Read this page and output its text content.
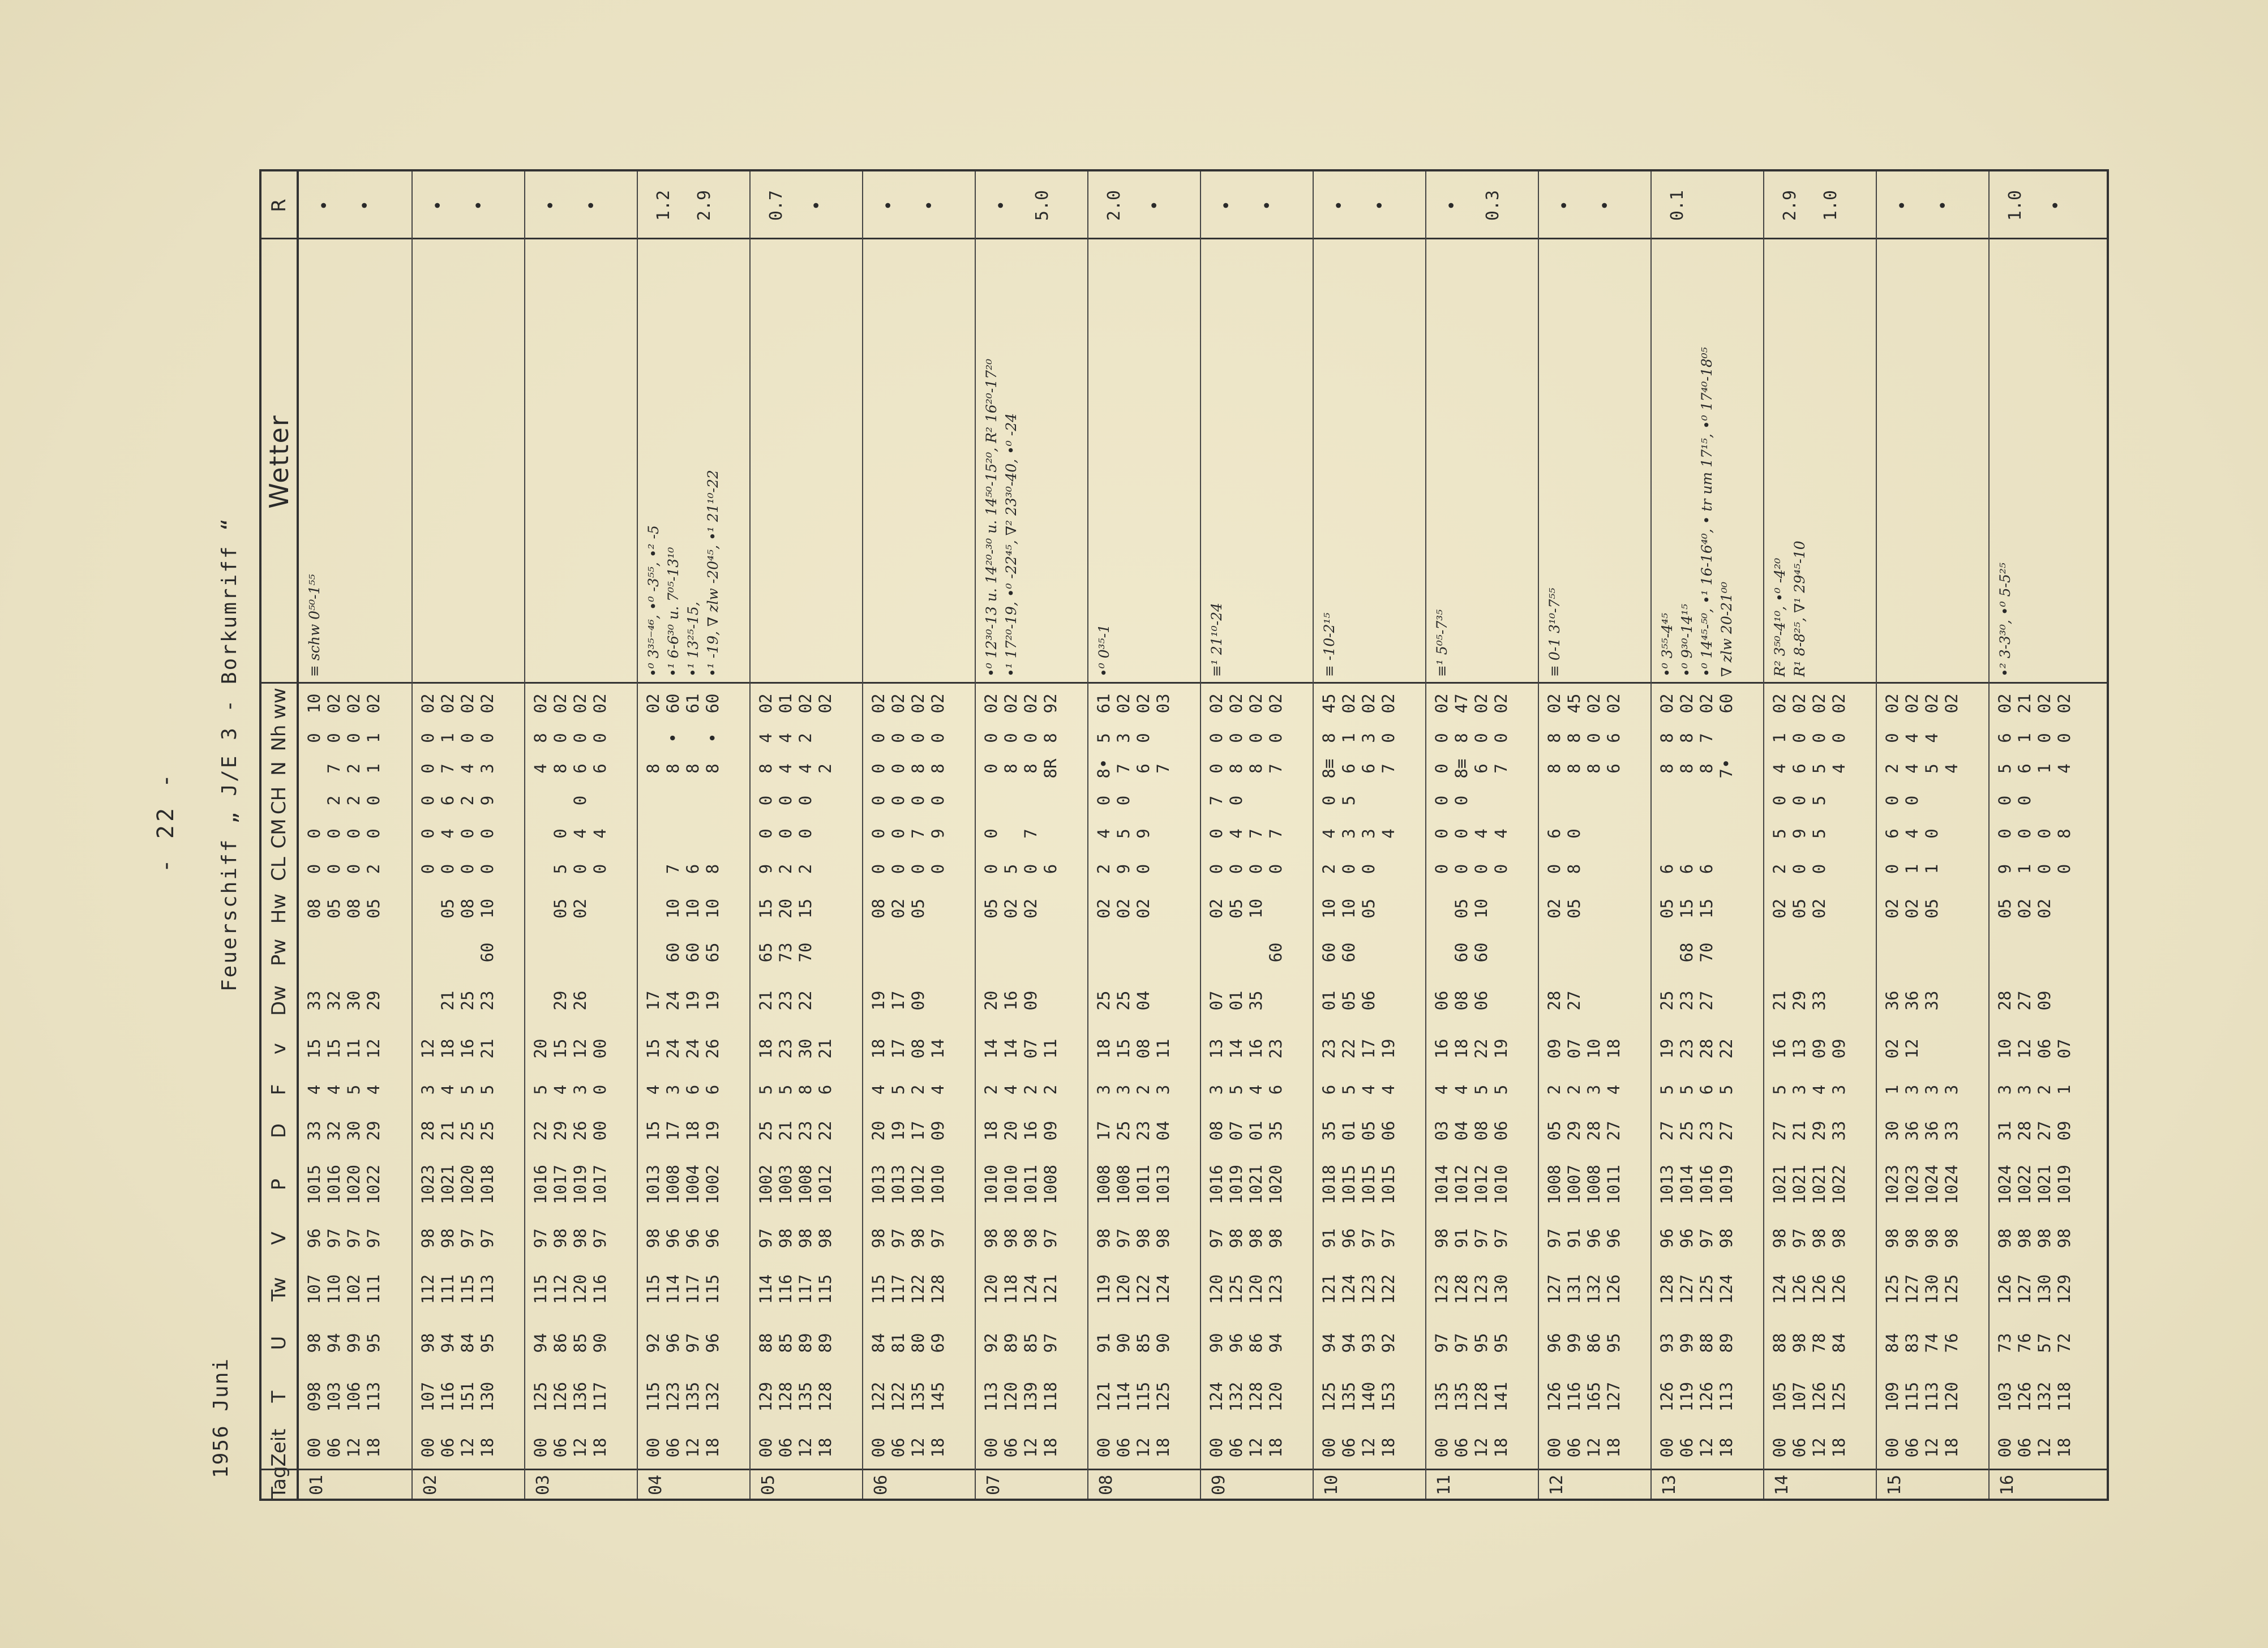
- 22 -
1956 Juni
Feuerschiff „ J/E 3 - Borkumriff “
Tag
Zeit
T
U
Tw
V
P
D
F
v
Dw
Pw
Hw
CL
CM
CH
N
Nh
ww
Wetter
R
01
00
06
12
18
098
103
106
113
98
94
99
95
107
110
102
111
96
97
97
97
1015
1016
1020
1022
33
32
30
29
4
4
5
4
15
15
11
12
33
32
30
29

08
05
08
05
0
0
0
2
0
0
0
0

2
2
0

7
2
1
0
0
0
1
10
02
02
02
≡ schw 0⁵⁰-1⁵⁵
•
•
02
00
06
12
18
107
116
151
130
98
94
84
95
112
111
115
113
98
98
97
97
1023
1021
1020
1018
28
21
25
25
3
4
5
5
12
18
16
21

21
25
23

60

05
08
10
0
0
0
0
0
4
0
0
0
6
2
9
0
7
4
3
0
1
0
0
02
02
02
02
•
•
03
00
06
12
18
125
126
136
117
94
86
85
90
115
112
120
116
97
98
98
97
1016
1017
1019
1017
22
29
26
00
5
4
3
0
20
15
12
00

29
26

05
02

5
0
0

0
4
4

0

4
8
6
6
8
0
0
0
02
02
02
02
•
•
04
00
06
12
18
115
123
135
132
92
96
97
96
115
114
117
115
98
96
96
96
1013
1008
1004
1002
15
17
18
19
4
3
6
6
15
24
24
26
17
24
19
19

60
60
65

10
10
10

7
6
8

8
8
8
8

•

•
02
60
61
60
•⁰ 3³⁵⁻⁴⁶, •⁰ -3⁵⁵, •² -5 •¹ 6-6³⁰ u. 7⁰⁵-13¹⁰ •¹ 13²⁵-15, •¹ -19, ∇ zlw -20⁴⁵, •¹ 21¹⁰-22
1.2
2.9
05
00
06
12
18
129
128
135
128
88
85
89
89
114
116
117
115
97
98
98
98
1002
1003
1008
1012
25
21
23
22
5
5
8
6
18
23
30
21
21
23
22

65
73
70

15
20
15

9
2
2

0
0
0

0
0
0

8
4
4
2
4
4
2

02
01
02
02
0.7
•
06
00
06
12
18
122
122
135
145
84
81
80
69
115
117
122
128
98
97
98
97
1013
1013
1012
1010
20
19
17
09
4
5
2
4
18
17
08
14
19
17
09

08
02
05

0
0
0
0
0
0
7
9
0
0
0
0
0
0
8
8
0
0
0
0
02
02
02
02
•
•
07
00
06
12
18
113
120
139
118
92
89
85
97
120
118
124
121
98
98
98
97
1010
1010
1011
1008
18
20
16
09
2
4
2
2
14
14
07
11
20
16
09

05
02
02

0
5
0
6
0

7

0
8
8
8R
0
0
0
8
02
02
02
92
•⁰ 12³⁰-13 u. 14²⁰-³⁰ u. 14⁵⁰-15²⁰, R² 16²⁰-17²⁰ •¹ 17²⁰-19, •⁰ -22⁴⁵, ∇² 23³⁰-40, •⁰ -24
•
5.0
08
00
06
12
18
121
114
115
125
91
90
85
90
119
120
122
124
98
97
98
98
1008
1008
1011
1013
17
25
23
04
3
3
2
3
18
15
08
11
25
25
04

02
02
02

2
9
0

4
5
9

0
0

8•
7
6
7
5
3
0

61
02
02
03
•⁰ 0³⁵-1
2.0
•
09
00
06
12
18
124
132
128
120
90
96
86
94
120
125
120
123
97
98
98
98
1016
1019
1021
1020
08
07
01
35
3
5
4
6
13
14
16
23
07
01
35

60
02
05
10

0
0
0
0
0
4
7
7
7
0

0
8
8
7
0
0
0
0
02
02
02
02
≡¹ 21¹⁰-24
•
•
10
00
06
12
18
125
135
140
153
94
94
93
92
121
124
123
122
91
96
97
97
1018
1015
1015
1015
35
01
05
06
6
5
4
4
23
22
17
19
01
05
06

60
60

10
10
05

2
0
0

4
3
3
4
0
5

8≡
6
6
7
8
1
3
0
45
02
02
02
≡ -10-2¹⁵
•
•
11
00
06
12
18
135
135
128
141
97
97
95
95
123
128
123
130
98
91
97
97
1014
1012
1012
1010
03
04
08
06
4
4
5
5
16
18
22
19
06
08
06

60
60

05
10

0
0
0
0
0
0
4
4
0
0

0
8≡
6
7
0
8
0
0
02
47
02
02
≡¹ 5⁰⁵-7³⁵
•
0.3
12
00
06
12
18
126
116
165
127
96
99
86
95
127
131
132
126
97
91
96
96
1008
1007
1008
1011
05
29
28
27
2
2
3
4
09
07
10
18
28
27

02
05

0
8

6
0

8
8
8
6
8
8
0
6
02
45
02
02
≡ 0-1 3¹⁰-7⁵⁵
•
•
13
00
06
12
18
126
119
126
113
93
99
88
89
128
127
125
124
96
96
97
98
1013
1014
1016
1019
27
25
23
27
5
5
6
5
19
23
28
22
25
23
27

68
70

05
15
15

6
6
6

8
8
8
7•
8
8
7

02
02
02
60
•⁰ 3⁵⁵-4⁴⁵ •⁰ 9³⁰-14¹⁵ •⁰ 14⁴⁵-⁵⁰, •¹ 16-16⁴⁰, • tr um 17¹⁵, •⁰ 17⁴⁰-18⁰⁵ ∇ zlw 20-21⁰⁰
0.1

14
00
06
12
18
105
107
126
125
88
98
78
84
124
126
126
126
98
97
98
98
1021
1021
1021
1022
27
21
29
33
5
3
4
3
16
13
09
09
21
29
33

02
05
02

2
0
0

5
9
5

0
0
5

4
6
5
4
1
0
0
0
02
02
02
02
R² 3⁵⁰-4¹⁰, •⁰ -4²⁰ R¹ 8-8²⁵, ∇¹ 29⁴⁵-10
2.9
1.0
15
00
06
12
18
109
115
113
120
84
83
74
76
125
127
130
125
98
98
98
98
1023
1023
1024
1024
30
36
36
33
1
3
3
3
02
12

36
36
33

02
02
05

0
1
1

6
4
0

0
0

2
4
5
4
0
4
4

02
02
02
02
•
•
16
00
06
12
18
103
126
132
118
73
76
57
72
126
127
130
129
98
98
98
98
1024
1022
1021
1019
31
28
27
09
3
3
2
1
10
12
06
07
28
27
09

05
02
02

9
1
0
0
0
0
0
8
0
0

5
6
1
4
6
1
0
0
02
21
02
02
•² 3-3³⁰, •⁰ 5-5²⁵
1.0
•
